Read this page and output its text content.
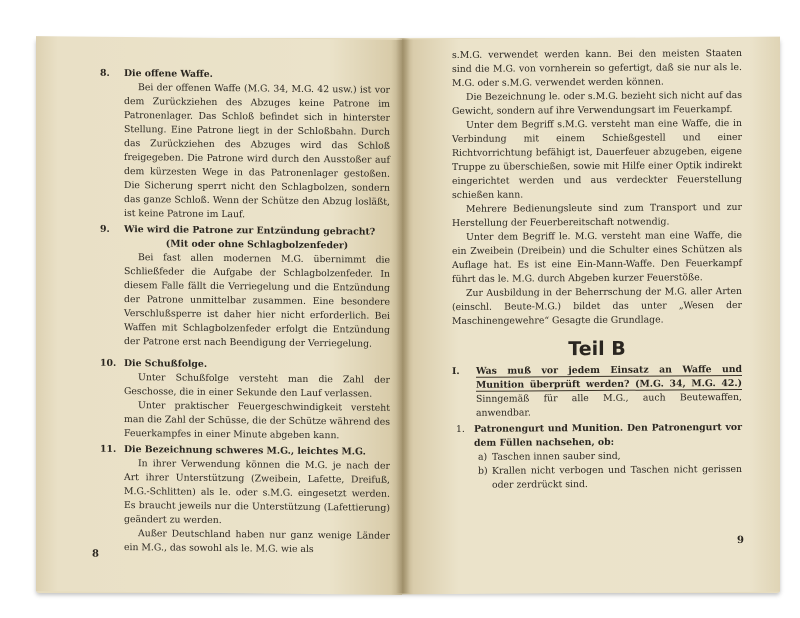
8. Die offene Waffe.

Bei der offenen Waffe (M.G. 34, M.G. 42 usw.) ist vor dem Zurückziehen des Abzuges keine Patrone im Patronenlager. Das Schloß befindet sich in hinterster Stellung. Eine Patrone liegt in der Schloßbahn. Durch das Zurückziehen des Abzuges wird das Schloß freigegeben. Die Patrone wird durch den Ausstoßer auf dem kürzesten Wege in das Patronenlager gestoßen. Die Sicherung sperrt nicht den Schlagbolzen, sondern das ganze Schloß. Wenn der Schütze den Abzug losläßt, ist keine Patrone im Lauf.

9. Wie wird die Patrone zur Entzündung gebracht?

(Mit oder ohne Schlagbolzenfeder)

Bei fast allen modernen M.G. übernimmt die Schließfeder die Aufgabe der Schlagbolzenfeder. In diesem Falle fällt die Verriegelung und die Entzündung der Patrone unmittelbar zusammen. Eine besondere Verschlußsperre ist daher hier nicht erforderlich. Bei Waffen mit Schlagbolzenfeder erfolgt die Entzündung der Patrone erst nach Beendigung der Verriegelung.

10. Die Schußfolge.

Unter Schußfolge versteht man die Zahl der Geschosse, die in einer Sekunde den Lauf verlassen.

Unter praktischer Feuergeschwindigkeit versteht man die Zahl der Schüsse, die der Schütze während des Feuerkampfes in einer Minute abgeben kann.

11. Die Bezeichnung schweres M.G., leichtes M.G.

In ihrer Verwendung können die M.G. je nach der Art ihrer Unterstützung (Zweibein, Lafette, Dreifuß, M.G.-Schlitten) als le. oder s.M.G. eingesetzt werden. Es braucht jeweils nur die Unterstützung (Lafettierung) geändert zu werden.

Außer Deutschland haben nur ganz wenige Länder ein M.G., das sowohl als le. M.G. wie als

8

s.M.G. verwendet werden kann. Bei den meisten Staaten sind die M.G. von vornherein so gefertigt, daß sie nur als le. M.G. oder s.M.G. verwendet werden können.

Die Bezeichnung le. oder s.M.G. bezieht sich nicht auf das Gewicht, sondern auf ihre Verwendungsart im Feuerkampf.

Unter dem Begriff s.M.G. versteht man eine Waffe, die in Verbindung mit einem Schießgestell und einer Richtvorrichtung befähigt ist, Dauerfeuer abzugeben, eigene Truppe zu überschießen, sowie mit Hilfe einer Optik indirekt eingerichtet werden und aus verdeckter Feuerstellung schießen kann.

Mehrere Bedienungsleute sind zum Transport und zur Herstellung der Feuerbereitschaft notwendig.

Unter dem Begriff le. M.G. versteht man eine Waffe, die ein Zweibein (Dreibein) und die Schulter eines Schützen als Auflage hat. Es ist eine Ein-Mann-Waffe. Den Feuerkampf führt das le. M.G. durch Abgeben kurzer Feuerstöße.

Zur Ausbildung in der Beherrschung der M.G. aller Arten (einschl. Beute-M.G.) bildet das unter „Wesen der Maschinengewehre“ Gesagte die Grundlage.

Teil B

I. Was muß vor jedem Einsatz an Waffe und Munition überprüft werden? (M.G. 34, M.G. 42.) Sinngemäß für alle M.G., auch Beutewaffen, anwendbar.

1. Patronengurt und Munition. Den Patronengurt vor dem Füllen nachsehen, ob:

a) Taschen innen sauber sind,

b) Krallen nicht verbogen und Taschen nicht gerissen oder zerdrückt sind.

9
